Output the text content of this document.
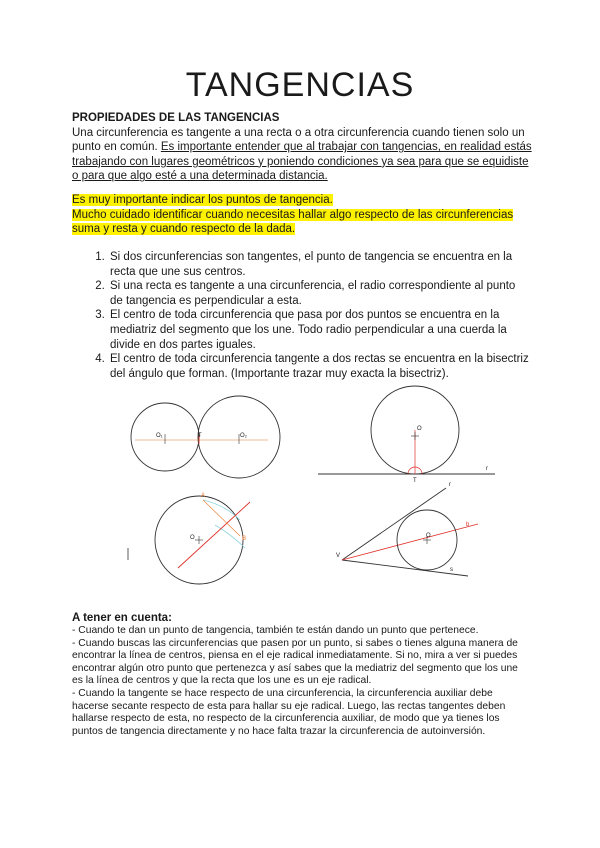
TANGENCIAS
PROPIEDADES DE LAS TANGENCIAS
Una circunferencia es tangente a una recta o a otra circunferencia cuando tienen solo un punto en común. Es importante entender que al trabajar con tangencias, en realidad estás trabajando con lugares geométricos y poniendo condiciones ya sea para que se equidiste o para que algo esté a una determinada distancia.
Es muy importante indicar los puntos de tangencia.
Mucho cuidado identificar cuando necesitas hallar algo respecto de las circunferencias suma y resta y cuando respecto de la dada.
1. Si dos circunferencias son tangentes, el punto de tangencia se encuentra en la recta que une sus centros.
2. Si una recta es tangente a una circunferencia, el radio correspondiente al punto de tangencia es perpendicular a esta.
3. El centro de toda circunferencia que pasa por dos puntos se encuentra en la mediatriz del segmento que los une. Todo radio perpendicular a una cuerda la divide en dos partes iguales.
4. El centro de toda circunferencia tangente a dos rectas se encuentra en la bisectriz del ángulo que forman. (Importante trazar muy exacta la bisectriz).
O₁	T	O₂
O
T
r
A
O	B
V
O
b
r
s
A tener en cuenta:

- Cuando te dan un punto de tangencia, también te están dando un punto que pertenece.

- Cuando buscas las circunferencias que pasen por un punto, si sabes o tienes alguna manera de encontrar la línea de centros, piensa en el eje radical inmediatamente. Si no, mira a ver si puedes encontrar algún otro punto que pertenezca y así sabes que la mediatriz del segmento que los une es la línea de centros y que la recta que los une es un eje radical.

- Cuando la tangente se hace respecto de una circunferencia, la circunferencia auxiliar debe hacerse secante respecto de esta para hallar su eje radical. Luego, las rectas tangentes deben hallarse respecto de esta, no respecto de la circunferencia auxiliar, de modo que ya tienes los puntos de tangencia directamente y no hace falta trazar la circunferencia de autoinversión.
